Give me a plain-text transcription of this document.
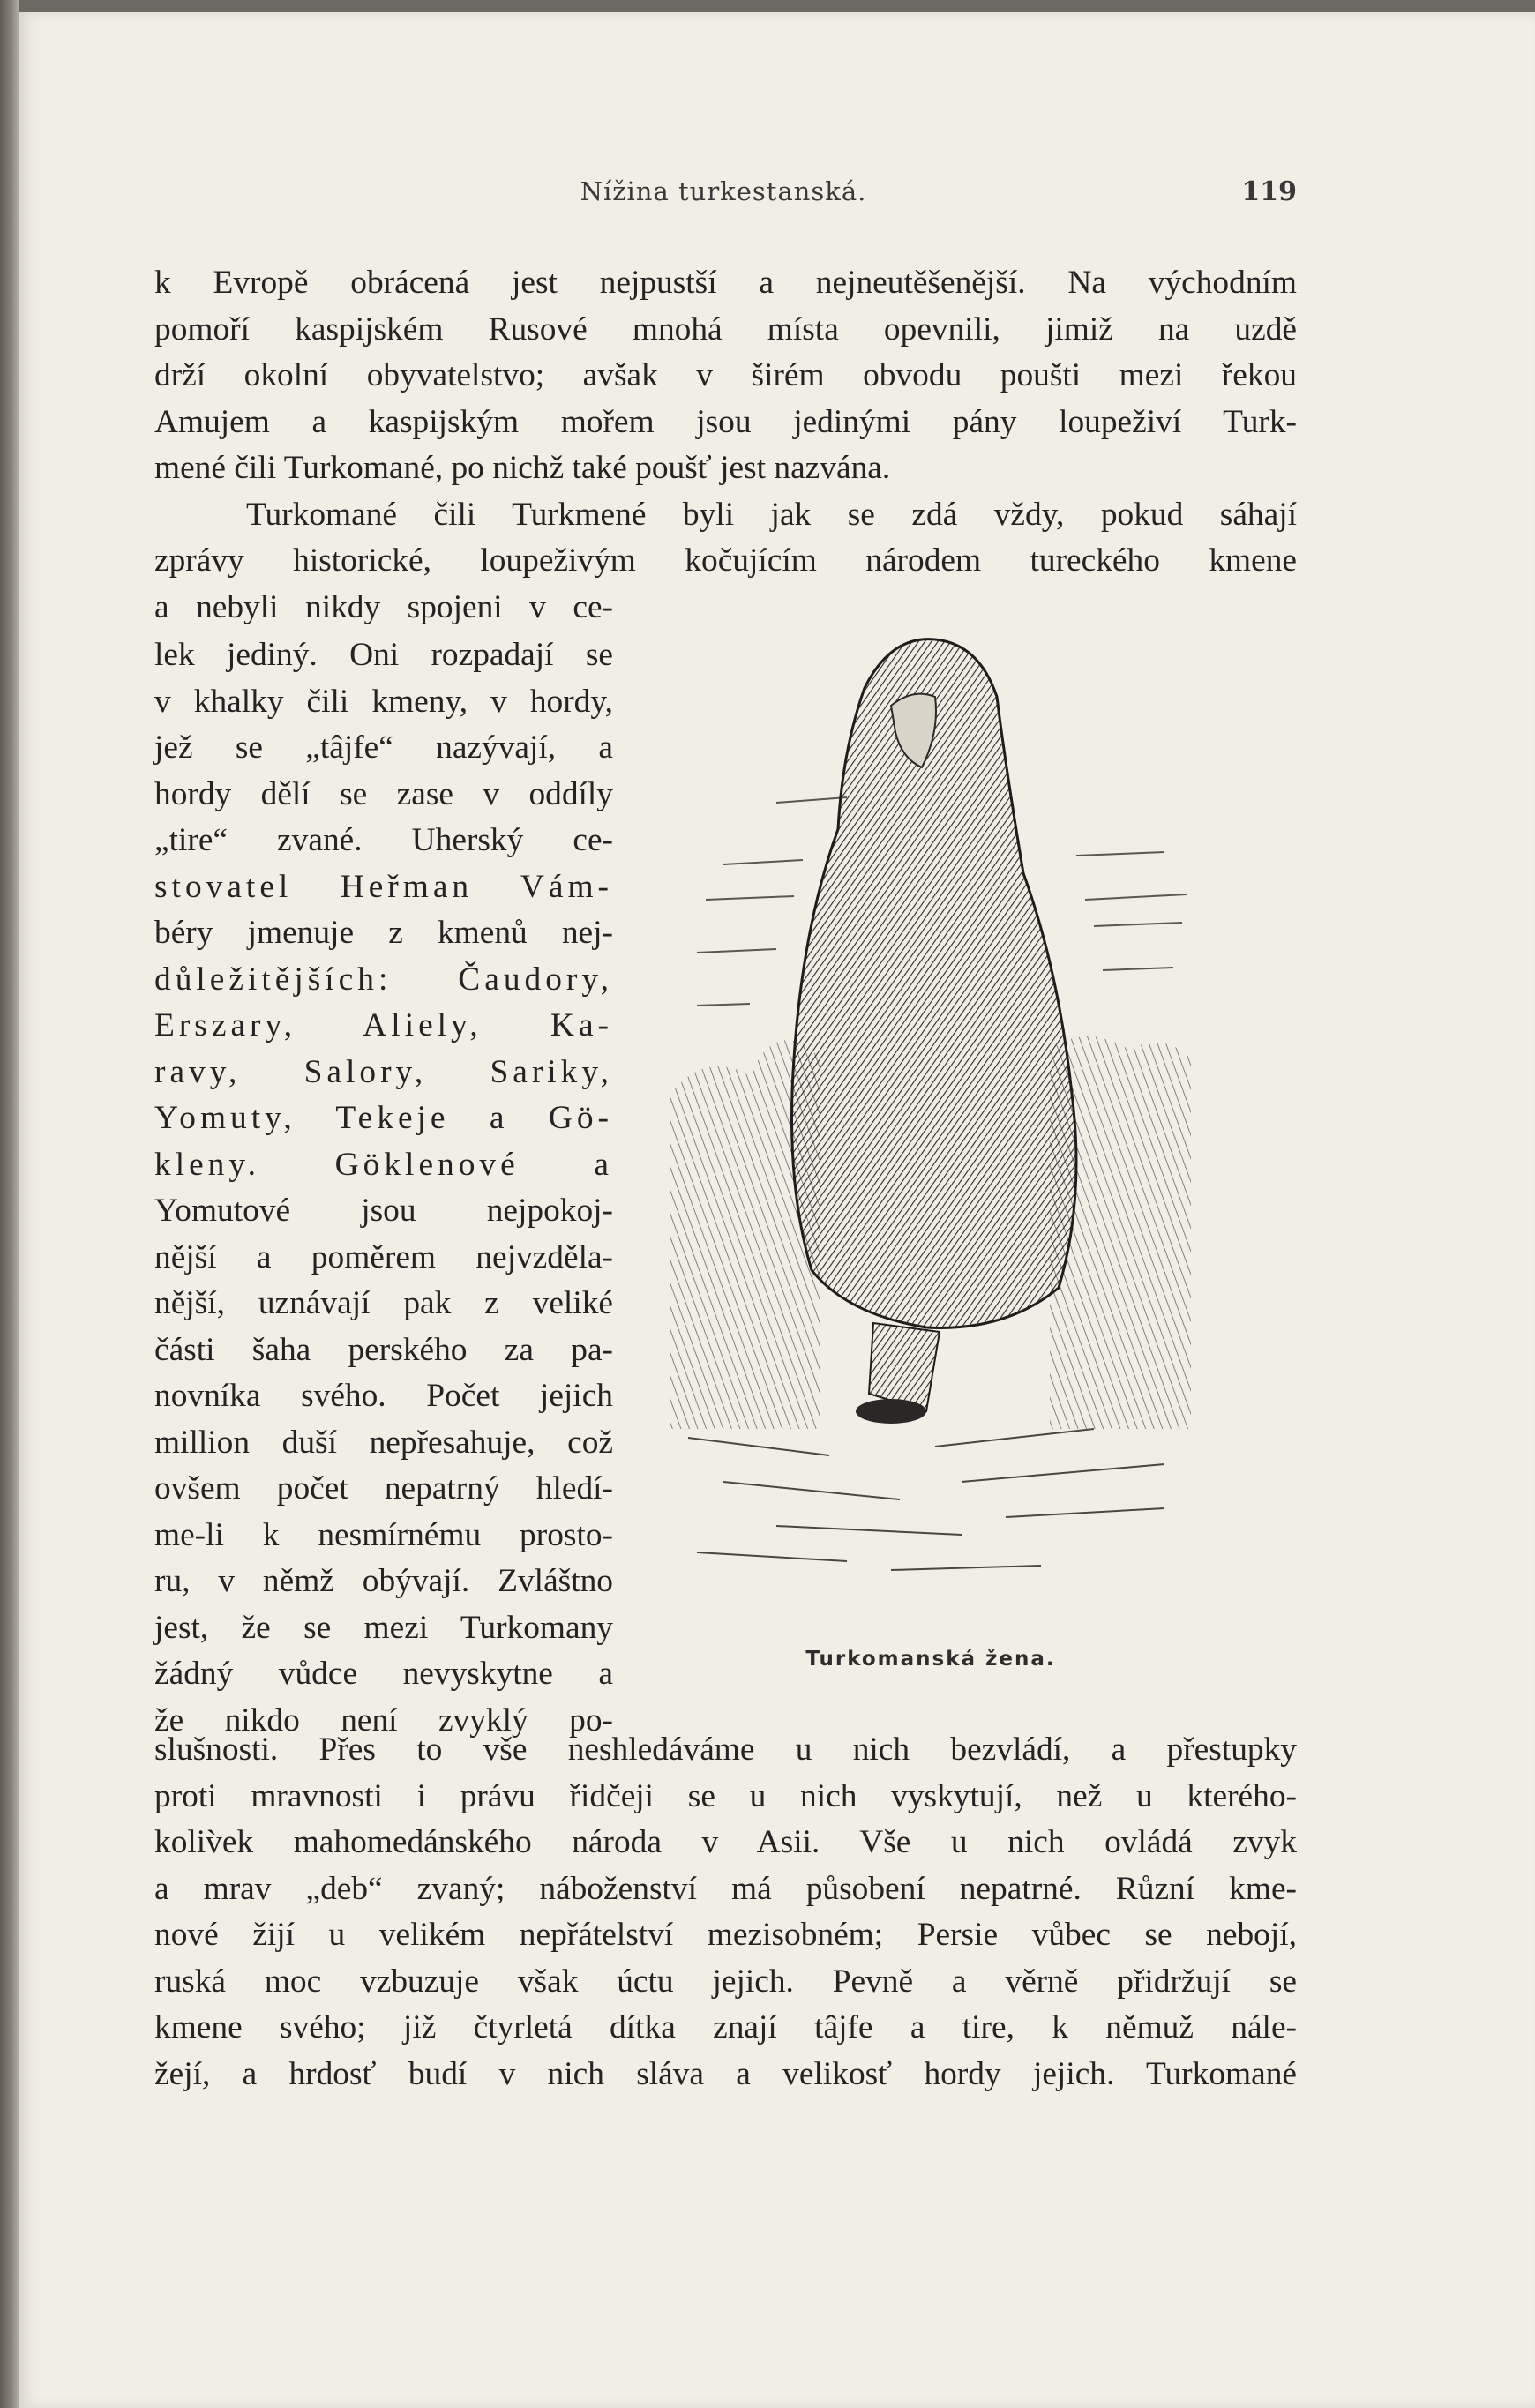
Nížina turkestanská.	119
k Evropě obrácená jest nejpustší a nejneutěšenější. Na východním
pomoří kaspijském Rusové mnohá místa opevnili, jimiž na uzdě
drží okolní obyvatelstvo; avšak v širém obvodu poušti mezi řekou
Amujem a kaspijským mořem jsou jedinými pány loupeživí Turk-
mené čili Turkomané, po nichž také poušť jest nazvána.
Turkomané čili Turkmené byli jak se zdá vždy, pokud sáhají
zprávy historické, loupeživým kočujícím národem tureckého kmene
a nebyli nikdy spojeni v ce-
lek jediný. Oni rozpadají se
v khalky čili kmeny, v hordy,
jež se „tâjfe“ nazývají, a
hordy dělí se zase v oddíly
„tire“ zvané. Uherský ce-
stovatel Heřman Vám-
béry jmenuje z kmenů nej-
důležitějších: Čaudory,
Erszary, Aliely, Ka-
ravy, Salory, Sariky,
Yomuty, Tekeje a Gö-
kleny. Göklenové a
Yomutové jsou nejpokoj-
nější a poměrem nejvzděla-
nější, uznávají pak z veliké
části šaha perského za pa-
novníka svého. Počet jejich
million duší nepřesahuje, což
ovšem počet nepatrný hledí-
me-li k nesmírnému prosto-
ru, v němž obývají. Zvláštno
jest, že se mezi Turkomany
žádný vůdce nevyskytne a
že nikdo není zvyklý po-
Turkomanská žena.
slušnosti. Přes to vše neshledáváme u nich bezvládí, a přestupky
proti mravnosti i právu řidčeji se u nich vyskytují, než u kterého-
koliv̀ek mahomedánského národa v Asii. Vše u nich ovládá zvyk
a mrav „deb“ zvaný; náboženství má působení nepatrné. Různí kme-
nové žijí u velikém nepřátelství mezisobném; Persie vůbec se nebojí,
ruská moc vzbuzuje však úctu jejich. Pevně a věrně přidržují se
kmene svého; již čtyrletá dítka znají tâjfe a tire, k němuž nále-
žejí, a hrdosť budí v nich sláva a velikosť hordy jejich. Turkomané
